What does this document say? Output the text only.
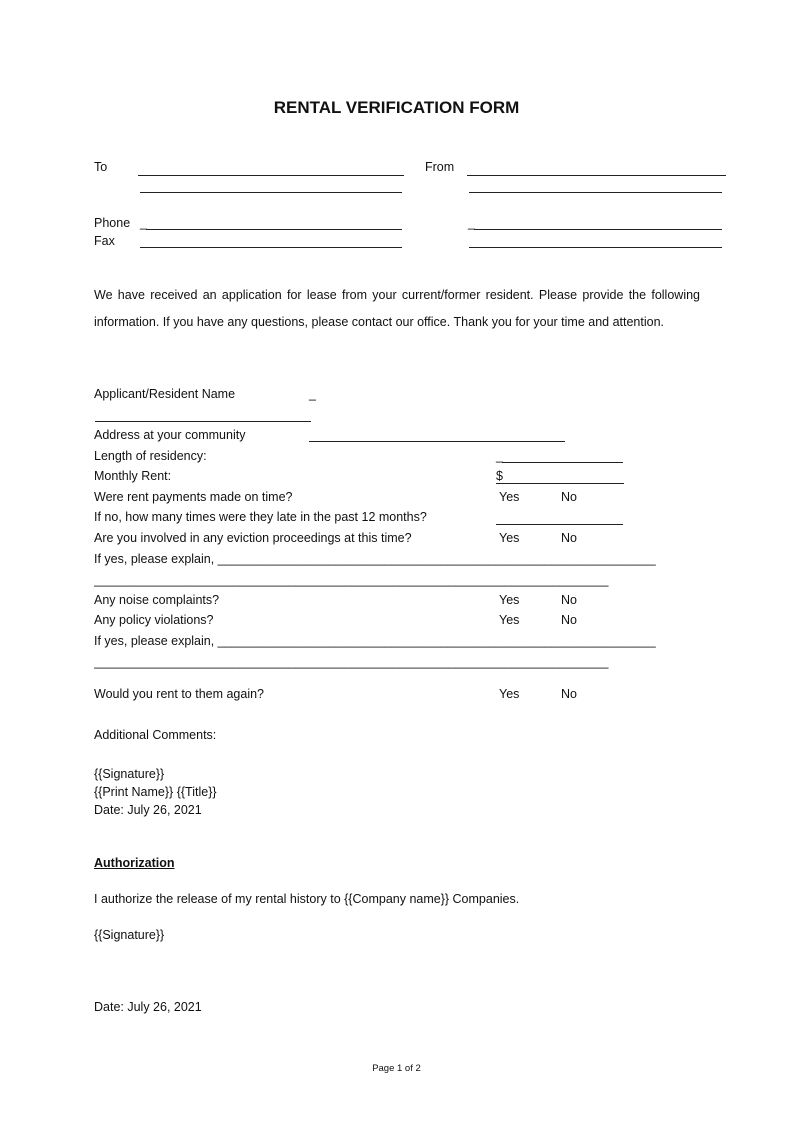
RENTAL VERIFICATION FORM
To	From
Phone _
Fax
_
We have received an application for lease from your current/former resident. Please provide the following information. If you have any questions, please contact our office. Thank you for your time and attention.
Applicant/Resident Name	_
Address at your community
Length of residency:	_
Monthly Rent:	$
Were rent payments made on time?	Yes	No
If no, how many times were they late in the past 12 months?
Are you involved in any eviction proceedings at this time?	Yes	No
If yes, please explain, _______________________________________________________________
__________________________________________________________________________
Any noise complaints?	Yes	No
Any policy violations?	Yes	No
If yes, please explain, _______________________________________________________________
__________________________________________________________________________
Would you rent to them again?	Yes	No
Additional Comments:
{{Signature}}
{{Print Name}} {{Title}}
Date: July 26, 2021
Authorization
I authorize the release of my rental history to {{Company name}} Companies.
{{Signature}}
Date: July 26, 2021
Page 1 of 2
